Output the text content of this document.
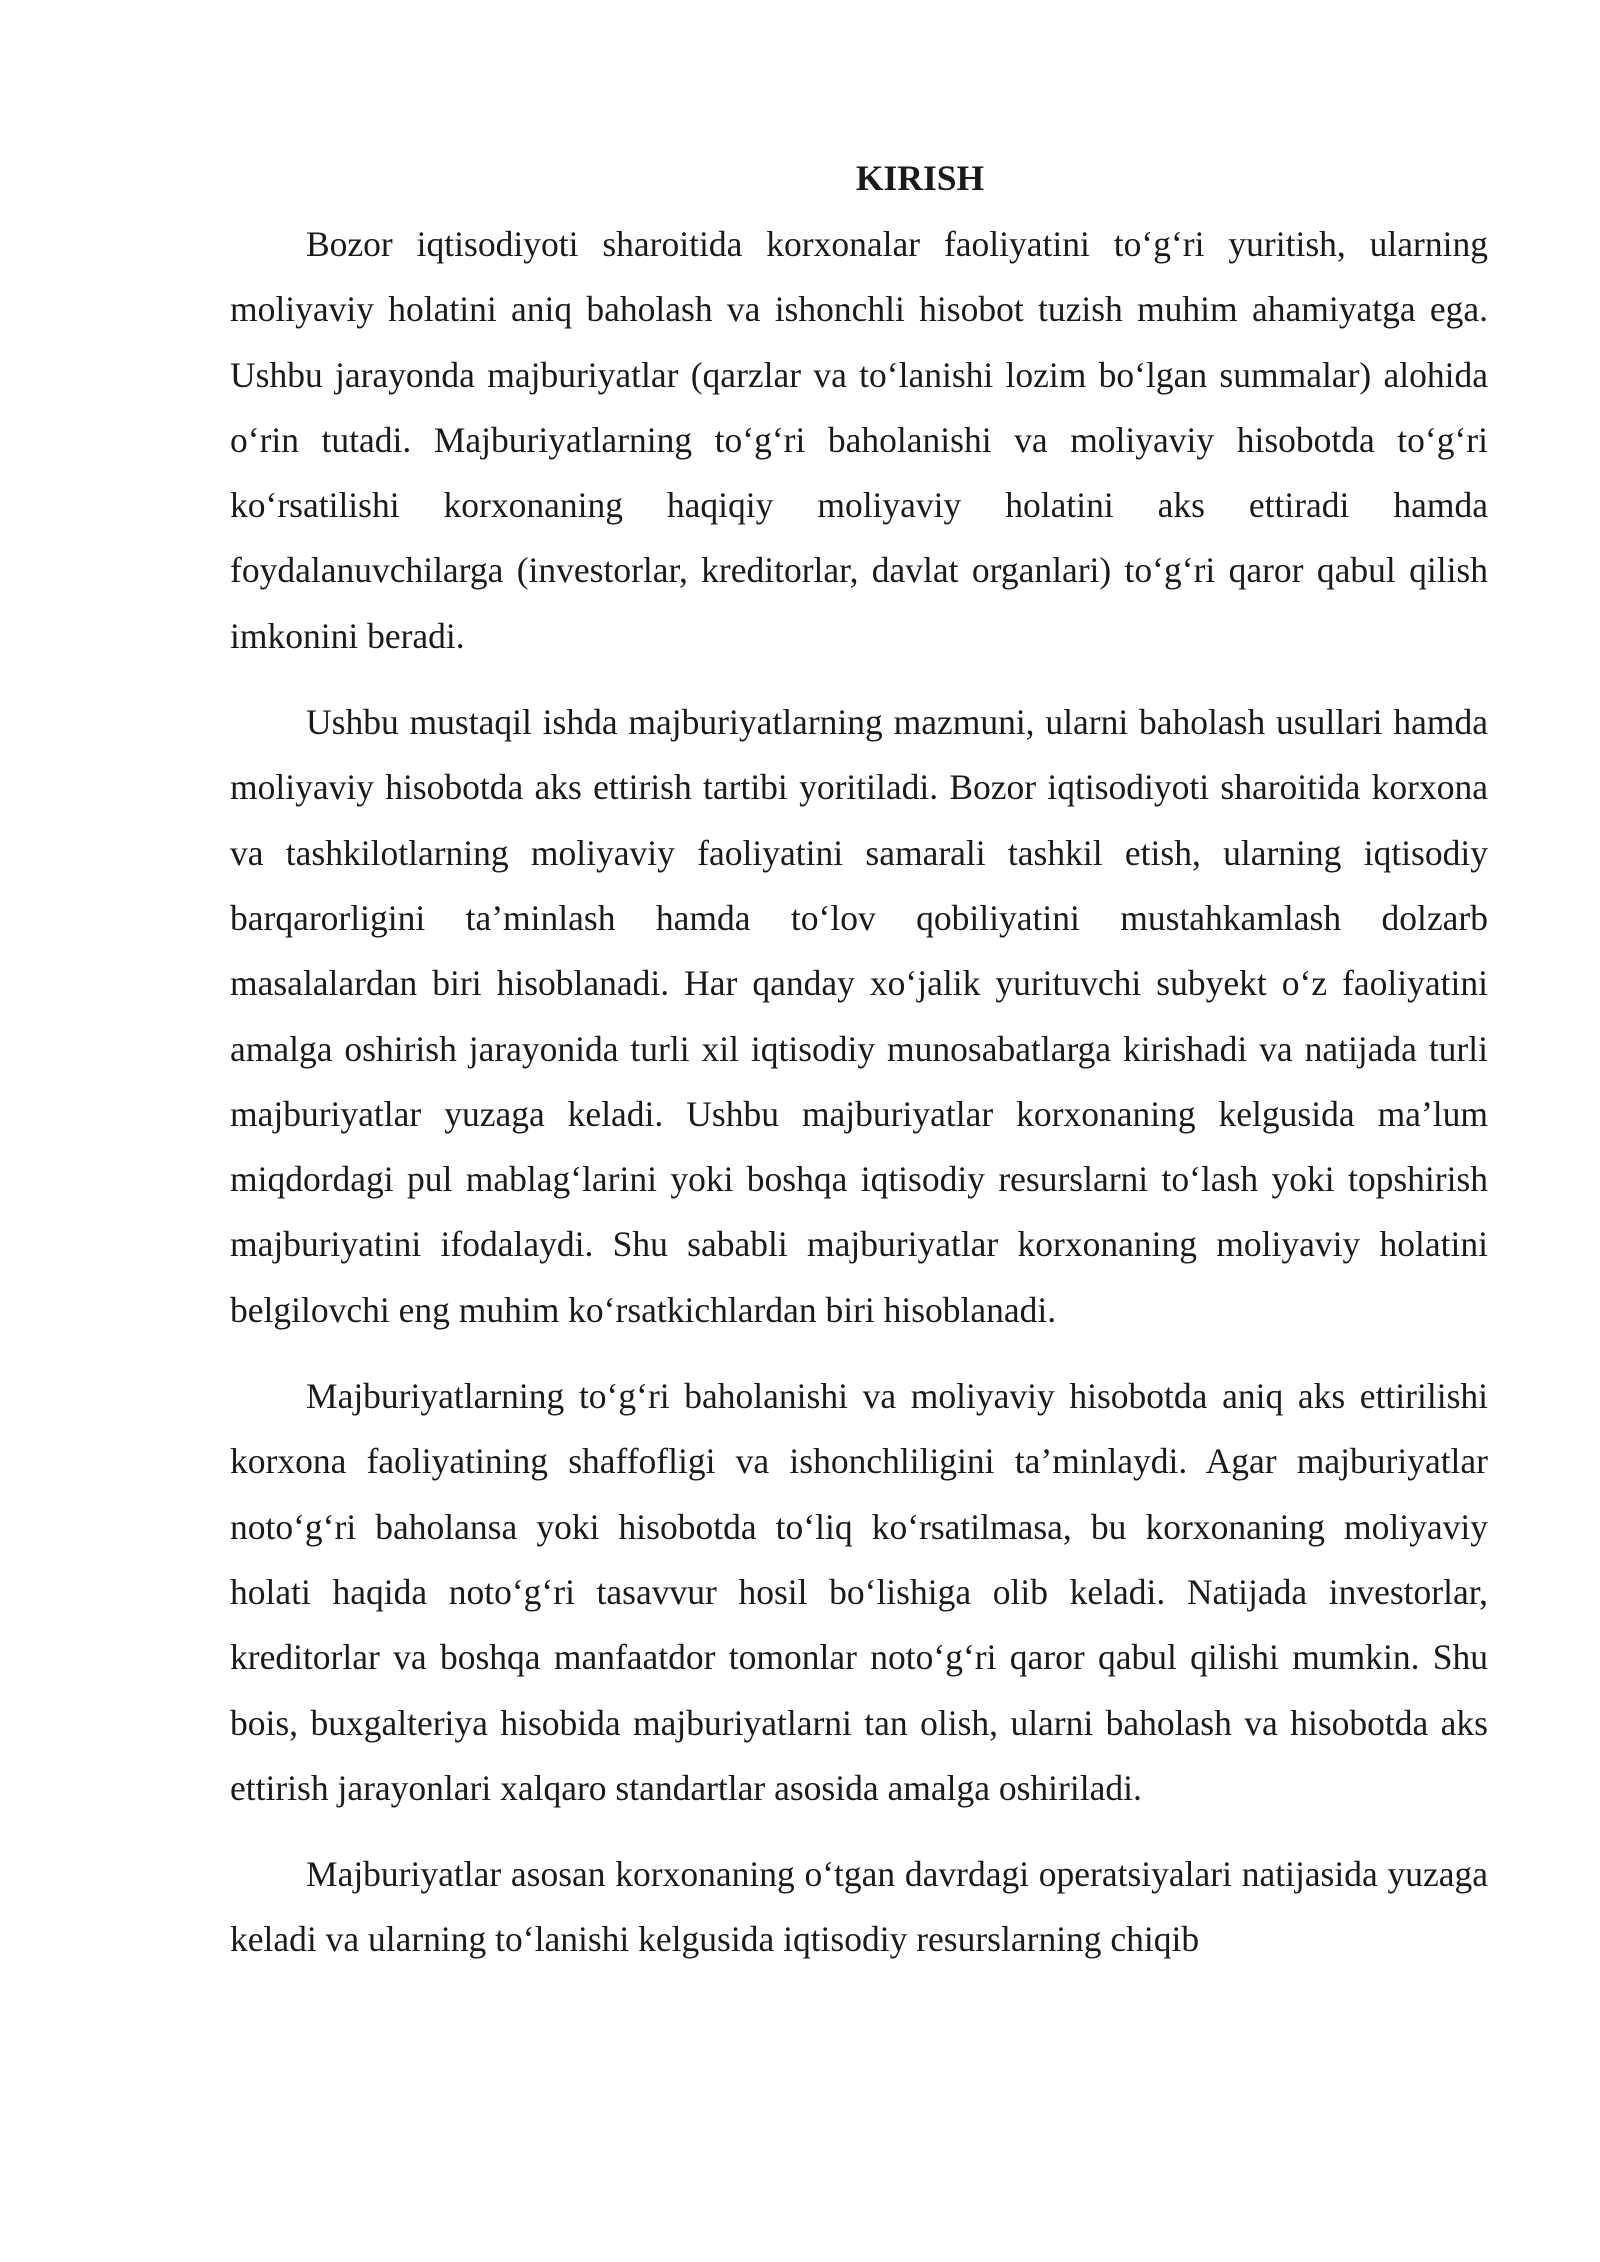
KIRISH

Bozor iqtisodiyoti sharoitida korxonalar faoliyatini to‘g‘ri yuritish, ularning moliyaviy holatini aniq baholash va ishonchli hisobot tuzish muhim ahamiyatga ega. Ushbu jarayonda majburiyatlar (qarzlar va to‘lanishi lozim bo‘lgan summalar) alohida o‘rin tutadi. Majburiyatlarning to‘g‘ri baholanishi va moliyaviy hisobotda to‘g‘ri ko‘rsatilishi korxonaning haqiqiy moliyaviy holatini aks ettiradi hamda foydalanuvchilarga (investorlar, kreditorlar, davlat organlari) to‘g‘ri qaror qabul qilish imkonini beradi.

Ushbu mustaqil ishda majburiyatlarning mazmuni, ularni baholash usullari hamda moliyaviy hisobotda aks ettirish tartibi yoritiladi. Bozor iqtisodiyoti sharoitida korxona va tashkilotlarning moliyaviy faoliyatini samarali tashkil etish, ularning iqtisodiy barqarorligini ta’minlash hamda to‘lov qobiliyatini mustahkamlash dolzarb masalalardan biri hisoblanadi. Har qanday xo‘jalik yurituvchi subyekt o‘z faoliyatini amalga oshirish jarayonida turli xil iqtisodiy munosabatlarga kirishadi va natijada turli majburiyatlar yuzaga keladi. Ushbu majburiyatlar korxonaning kelgusida ma’lum miqdordagi pul mablag‘larini yoki boshqa iqtisodiy resurslarni to‘lash yoki topshirish majburiyatini ifodalaydi. Shu sababli majburiyatlar korxonaning moliyaviy holatini belgilovchi eng muhim ko‘rsatkichlardan biri hisoblanadi.

Majburiyatlarning to‘g‘ri baholanishi va moliyaviy hisobotda aniq aks ettirilishi korxona faoliyatining shaffofligi va ishonchliligini ta’minlaydi. Agar majburiyatlar noto‘g‘ri baholansa yoki hisobotda to‘liq ko‘rsatilmasa, bu korxonaning moliyaviy holati haqida noto‘g‘ri tasavvur hosil bo‘lishiga olib keladi. Natijada investorlar, kreditorlar va boshqa manfaatdor tomonlar noto‘g‘ri qaror qabul qilishi mumkin. Shu bois, buxgalteriya hisobida majburiyatlarni tan olish, ularni baholash va hisobotda aks ettirish jarayonlari xalqaro standartlar asosida amalga oshiriladi.

Majburiyatlar asosan korxonaning o‘tgan davrdagi operatsiyalari natijasida yuzaga keladi va ularning to‘lanishi kelgusida iqtisodiy resurslarning chiqib
